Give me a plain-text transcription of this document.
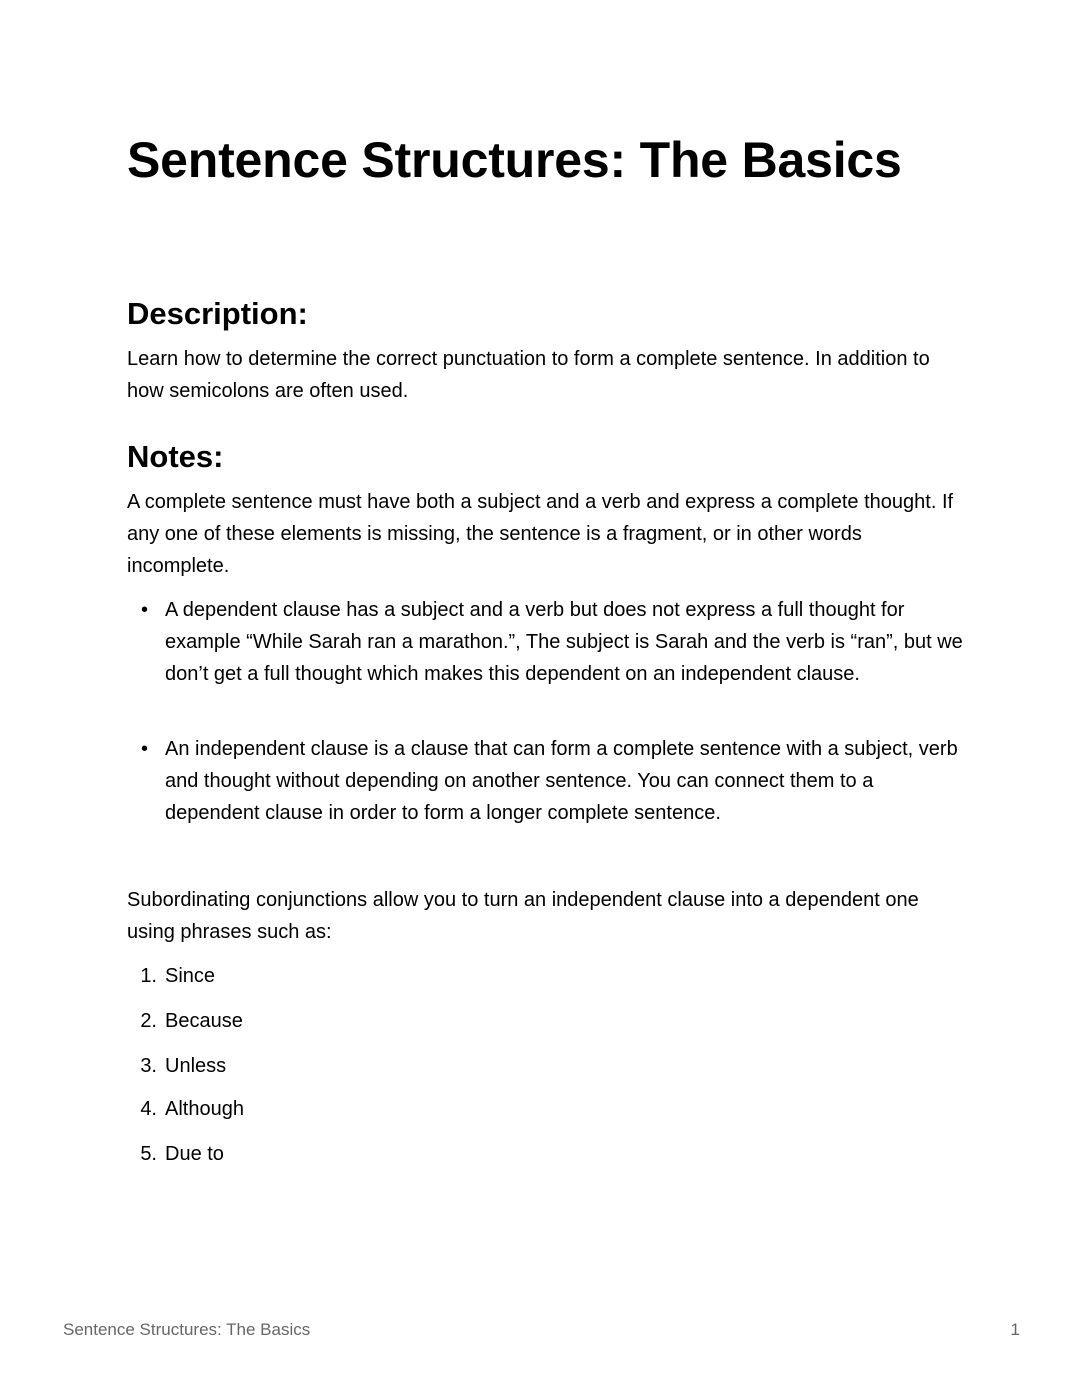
Sentence Structures: The Basics
Description:

Learn how to determine the correct punctuation to form a complete sentence. In addition to how semicolons are often used.

Notes:

A complete sentence must have both a subject and a verb and express a complete thought. If any one of these elements is missing, the sentence is a fragment, or in other words incomplete.

• A dependent clause has a subject and a verb but does not express a full thought for example “While Sarah ran a marathon.”, The subject is Sarah and the verb is “ran”, but we don’t get a full thought which makes this dependent on an independent clause.
• An independent clause is a clause that can form a complete sentence with a subject, verb and thought without depending on another sentence. You can connect them to a dependent clause in order to form a longer complete sentence.

Subordinating conjunctions allow you to turn an independent clause into a dependent one using phrases such as:

1. Since
2. Because
3. Unless
4. Although
5. Due to
Sentence Structures: The Basics	1
